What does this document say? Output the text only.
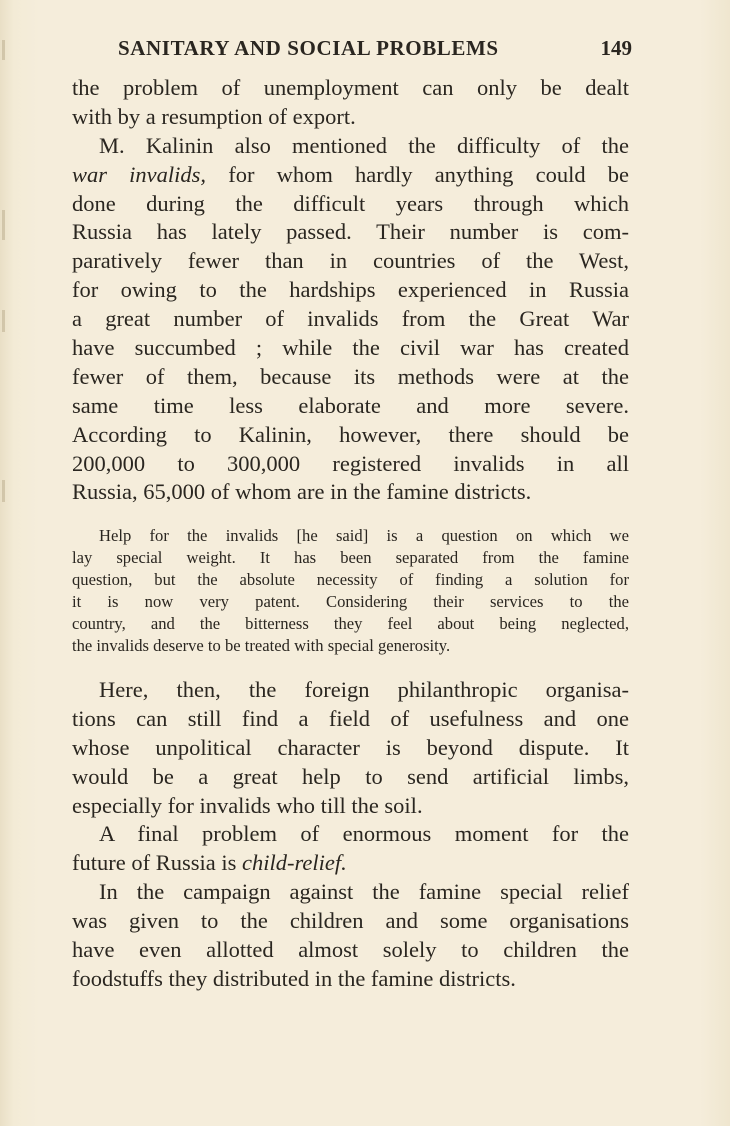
SANITARY AND SOCIAL PROBLEMS	149
the problem of unemployment can only be dealt
with by a resumption of export.
M. Kalinin also mentioned the difficulty of the
war invalids, for whom hardly anything could be
done during the difficult years through which
Russia has lately passed. Their number is com-
paratively fewer than in countries of the West,
for owing to the hardships experienced in Russia
a great number of invalids from the Great War
have succumbed ; while the civil war has created
fewer of them, because its methods were at the
same time less elaborate and more severe.
According to Kalinin, however, there should be
200,000 to 300,000 registered invalids in all
Russia, 65,000 of whom are in the famine districts.
Help for the invalids [he said] is a question on which we
lay special weight. It has been separated from the famine
question, but the absolute necessity of finding a solution for
it is now very patent. Considering their services to the
country, and the bitterness they feel about being neglected,
the invalids deserve to be treated with special generosity.
Here, then, the foreign philanthropic organisa-
tions can still find a field of usefulness and one
whose unpolitical character is beyond dispute. It
would be a great help to send artificial limbs,
especially for invalids who till the soil.
A final problem of enormous moment for the
future of Russia is child-relief.
In the campaign against the famine special relief
was given to the children and some organisations
have even allotted almost solely to children the
foodstuffs they distributed in the famine districts.
